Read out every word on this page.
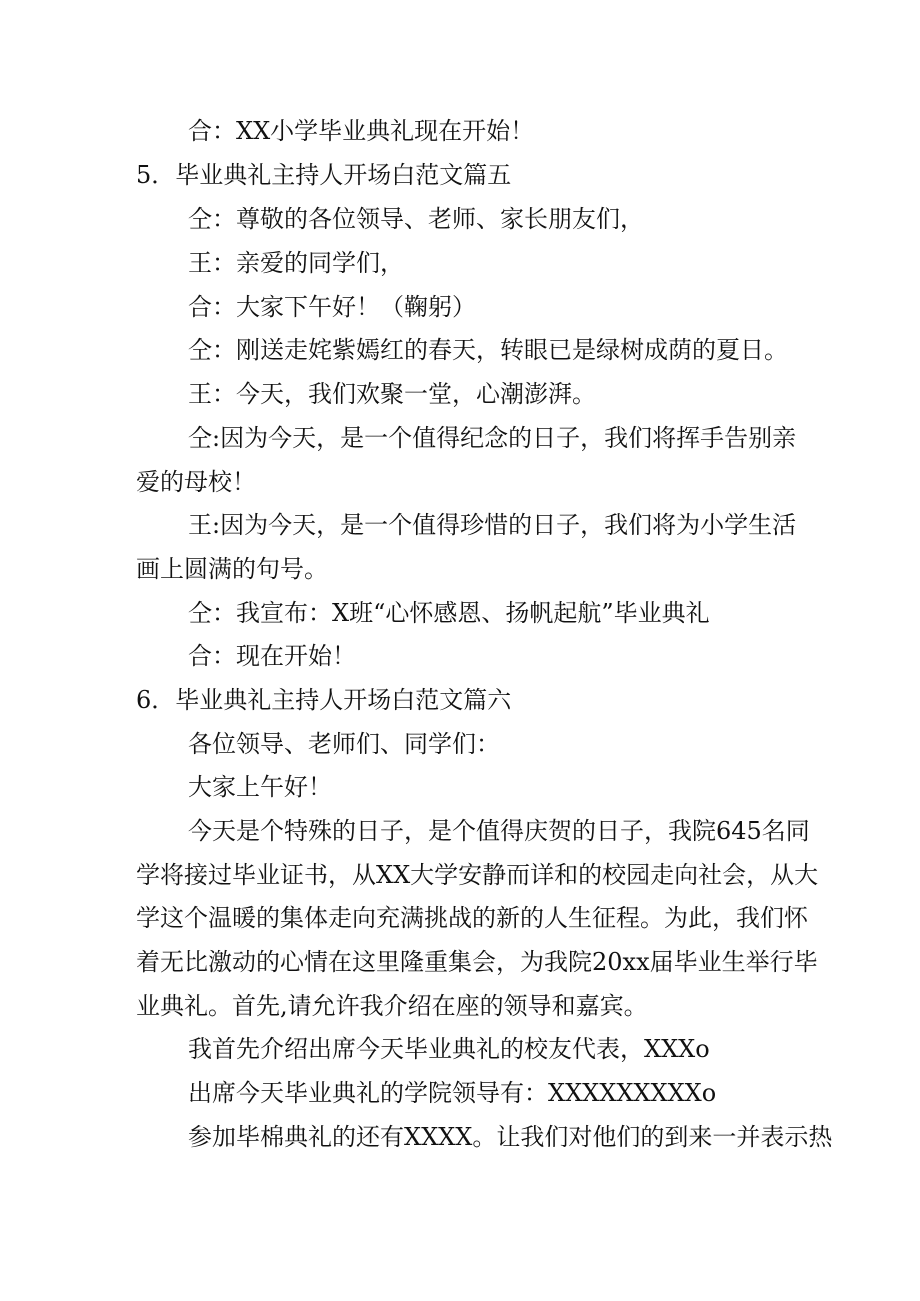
合：XX小学毕业典礼现在开始！
5．毕业典礼主持人开场白范文篇五
仝：尊敬的各位领导、老师、家长朋友们，
王：亲爱的同学们，
合：大家下午好！（鞠躬）
仝：刚送走姹紫嫣红的春天，转眼已是绿树成荫的夏日。
王：今天，我们欢聚一堂，心潮澎湃。
仝:因为今天，是一个值得纪念的日子，我们将挥手告别亲
爱的母校！
王:因为今天，是一个值得珍惜的日子，我们将为小学生活
画上圆满的句号。
仝：我宣布：X班“心怀感恩、扬帆起航”毕业典礼
合：现在开始！
6．毕业典礼主持人开场白范文篇六
各位领导、老师们、同学们：
大家上午好！
今天是个特殊的日子，是个值得庆贺的日子，我院645名同
学将接过毕业证书，从XX大学安静而详和的校园走向社会，从大
学这个温暖的集体走向充满挑战的新的人生征程。为此，我们怀
着无比激动的心情在这里隆重集会，为我院20xx届毕业生举行毕
业典礼。首先,请允许我介绍在座的领导和嘉宾。
我首先介绍出席今天毕业典礼的校友代表，XXXo
出席今天毕业典礼的学院领导有：XXXXXXXXXo
参加毕棉典礼的还有XXXX。让我们对他们的到来一并表示热
